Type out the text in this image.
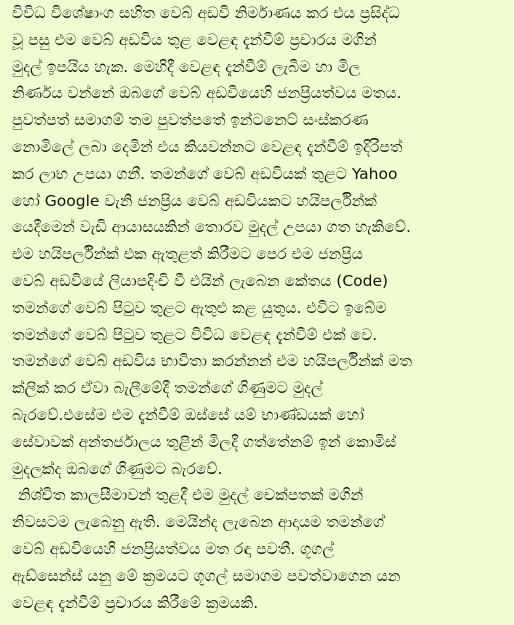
විවිධ විශේෂාංග සහිත වෙබ් අඩවි නිර්මාණය කර එය ප්‍රසිද්ධ
වූ පසු එම වෙබ් අඩවිය තුළ වෙළඳ දැන්වීම් ප්‍රචාරය මගින්
මුදල් ඉපයිය හැක. මෙහිදී වෙළඳ දැන්වීම් ලැබීම හා මිල
නිර්ණය වන්නේ ඔබගේ වෙබ් අඩවියෙහි ජනප්‍රියත්වය මතය.
පුවත්පත් සමාගම් තම පුවත්පතේ ඉන්ටනෙට් සංස්කරණ
නොමිලේ ලබා දෙමින් එය කියවන්නට වෙළඳ දැන්වීම් ඉදිරිපත්
කර ලාභ උපයා ගනී. තමන්ගේ වෙබ් අඩවියක් තුළට Yahoo
හෝ Google වැනි ජනප්‍රිය වෙබ් අඩවියකට හයිපර්ලින්ක්
යෙදීමෙන් වැඩි ආයාසයකින් තොරව මුදල් උපයා ගත හැකිවේ.
එම හයිපර්ලින්ක් එක ඇතුළත් කිරීමට පෙර එම ජනප්‍රිය
වෙබ් අඩවියේ ලියාපදිංචි වී එයින් ලැබෙන කේතය (Code)
තමන්ගේ වෙබ් පිටුව තුළට ඇතුළු කළ යුතුය. එවිට ඉබේම
තමන්ගේ වෙබ් පිටුව තුළට විවිධ වෙළඳ දැන්වීම් එක් වෙ.
තමන්ගේ වෙබ් අඩවිය භාවිතා කරන්නන් එම හයිපර්ලින්ක් මත
ක්ලික් කර ඒවා බැලීමේදී තමන්ගේ ගිණුමට මුදල්
බැරවේ.එසේම එම දැන්වීම් ඔස්සේ යම් භාණ්ඩයක් හෝ
සේවාවක් අන්තර්ජාලය තුළින් මිලදී ගත්තේනම් ඉන් කොමිස්
මුදලක්ද ඔබගේ ගිණුමට බැරවේ.
නිශ්චිත කාලසීමාවන් තුළදී එම මුදල් චෙක්පතක් මගින්
නිවසටම ලැබෙනු ඇති. මෙයින්ද ලැබෙන ආදායම තමන්ගේ
වෙබ් අඩවියෙහි ජනප්‍රියත්වය මත රඳා පවතී. ගූගල්
ඇඩ්සෙන්ස් යනු මේ ක්‍රමයට ගූගල් සමාගම පවත්වාගෙන යන
වෙළඳ දැන්වීම් ප්‍රචාරය කිරීමේ ක්‍රමයකි.
